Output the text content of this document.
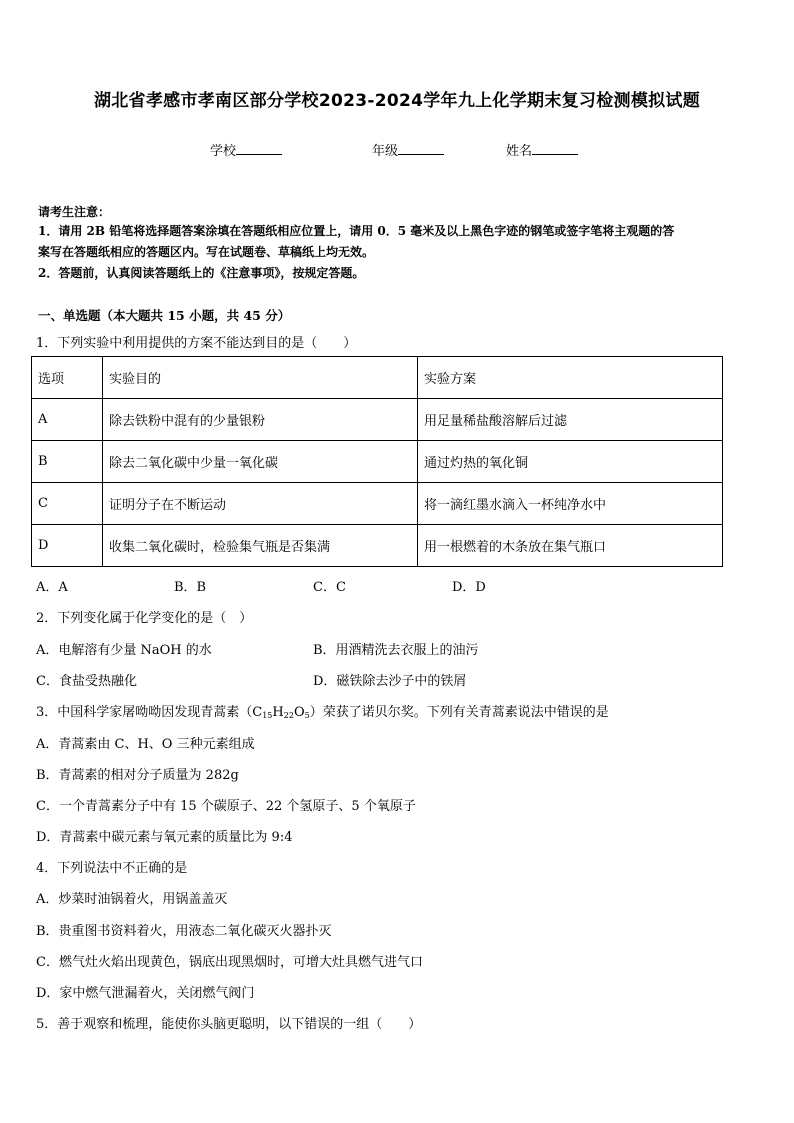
湖北省孝感市孝南区部分学校2023-2024学年九上化学期末复习检测模拟试题
学校	年级	姓名
请考生注意：
1．请用 2B 铅笔将选择题答案涂填在答题纸相应位置上，请用 0．5 毫米及以上黑色字迹的钢笔或签字笔将主观题的答
案写在答题纸相应的答题区内。写在试题卷、草稿纸上均无效。
2．答题前，认真阅读答题纸上的《注意事项》，按规定答题。
一、单选题（本大题共 15 小题，共 45 分）
1．下列实验中利用提供的方案不能达到目的是（　　）
选项	实验目的	实验方案
A	除去铁粉中混有的少量银粉	用足量稀盐酸溶解后过滤
B	除去二氧化碳中少量一氧化碳	通过灼热的氧化铜
C	证明分子在不断运动	将一滴红墨水滴入一杯纯净水中
D	收集二氧化碳时，检验集气瓶是否集满	用一根燃着的木条放在集气瓶口
A．A	B．B	C．C	D．D
2．下列变化属于化学变化的是（　）
A．电解溶有少量 NaOH 的水	B．用酒精洗去衣服上的油污
C．食盐受热融化	D．磁铁除去沙子中的铁屑
3．中国科学家屠呦呦因发现青蒿素$(C_{15}H_{22}O_5)$荣获了诺贝尔奖。下列有关青蒿素说法中错误的是
A．青蒿素由 C、H、O 三种元素组成
B．青蒿素的相对分子质量为 282g
C．一个青蒿素分子中有 15 个碳原子、22 个氢原子、5 个氧原子
D．青蒿素中碳元素与氧元素的质量比为 9:4
4．下列说法中不正确的是
A．炒菜时油锅着火，用锅盖盖灭
B．贵重图书资料着火，用液态二氧化碳灭火器扑灭
C．燃气灶火焰出现黄色，锅底出现黑烟时，可增大灶具燃气进气口
D．家中燃气泄漏着火，关闭燃气阀门
5．善于观察和梳理，能使你头脑更聪明，以下错误的一组（　　）
